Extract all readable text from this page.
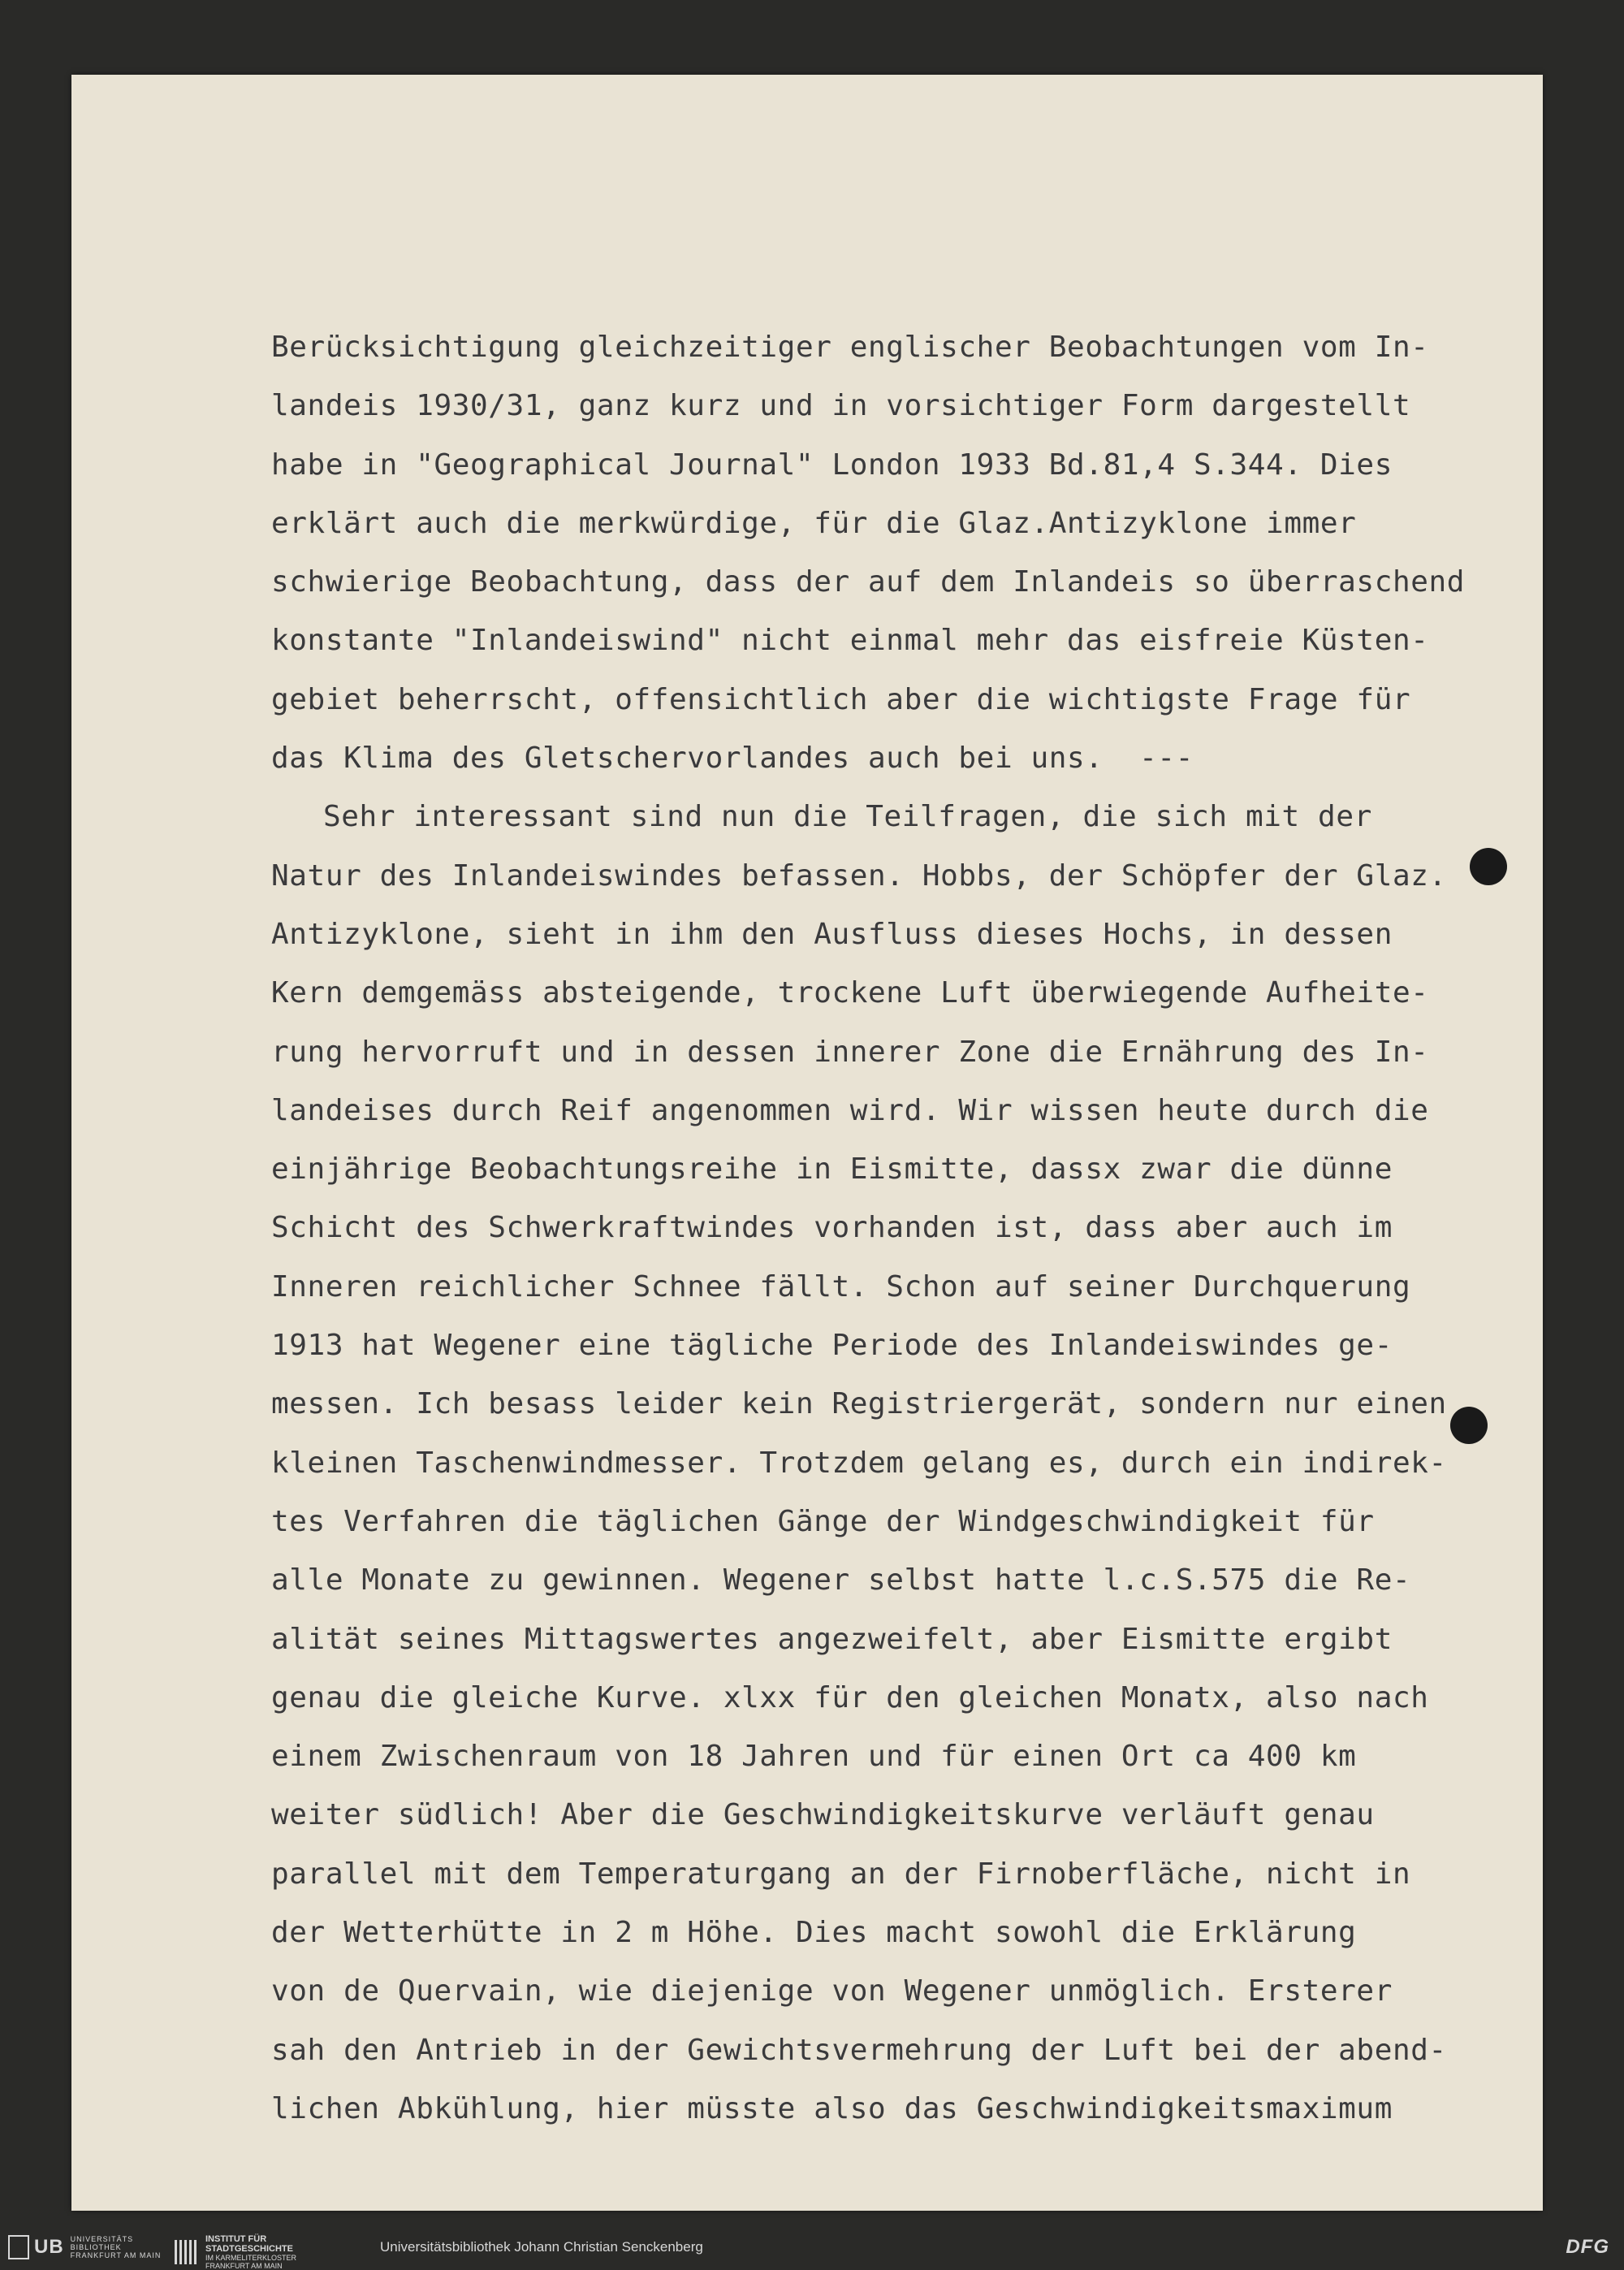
Berücksichtigung gleichzeitiger englischer Beobachtungen vom In-
landeis 1930/31, ganz kurz und in vorsichtiger Form dargestellt
habe in "Geographical Journal" London 1933 Bd.81,4 S.344. Dies
erklärt auch die merkwürdige, für die Glaz.Antizyklone immer
schwierige Beobachtung, dass der auf dem Inlandeis so überraschend
konstante "Inlandeiswind" nicht einmal mehr das eisfreie Küsten-
gebiet beherrscht, offensichtlich aber die wichtigste Frage für
das Klima des Gletschervorlandes auch bei uns.  ---
Sehr interessant sind nun die Teilfragen, die sich mit der
Natur des Inlandeiswindes befassen. Hobbs, der Schöpfer der Glaz.
Antizyklone, sieht in ihm den Ausfluss dieses Hochs, in dessen
Kern demgemäss absteigende, trockene Luft überwiegende Aufheite-
rung hervorruft und in dessen innerer Zone die Ernährung des In-
landeises durch Reif angenommen wird. Wir wissen heute durch die
einjährige Beobachtungsreihe in Eismitte, dassx zwar die dünne
Schicht des Schwerkraftwindes vorhanden ist, dass aber auch im
Inneren reichlicher Schnee fällt. Schon auf seiner Durchquerung
1913 hat Wegener eine tägliche Periode des Inlandeiswindes ge-
messen. Ich besass leider kein Registriergerät, sondern nur einen
kleinen Taschenwindmesser. Trotzdem gelang es, durch ein indirek-
tes Verfahren die täglichen Gänge der Windgeschwindigkeit für
alle Monate zu gewinnen. Wegener selbst hatte l.c.S.575 die Re-
alität seines Mittagswertes angezweifelt, aber Eismitte ergibt
genau die gleiche Kurve. xlxx für den gleichen Monatx, also nach
einem Zwischenraum von 18 Jahren und für einen Ort ca 400 km
weiter südlich! Aber die Geschwindigkeitskurve verläuft genau
parallel mit dem Temperaturgang an der Firnoberfläche, nicht in
der Wetterhütte in 2 m Höhe. Dies macht sowohl die Erklärung
von de Quervain, wie diejenige von Wegener unmöglich. Ersterer
sah den Antrieb in der Gewichtsvermehrung der Luft bei der abend-
lichen Abkühlung, hier müsste also das Geschwindigkeitsmaximum
UB UNIVERSITÄTS
BIBLIOTHEK
FRANKFURT AM MAIN
INSTITUT FÜR
STADTGESCHICHTE
IM KARMELITERKLOSTER
FRANKFURT AM MAIN
Universitätsbibliothek Johann Christian Senckenberg	DFG
